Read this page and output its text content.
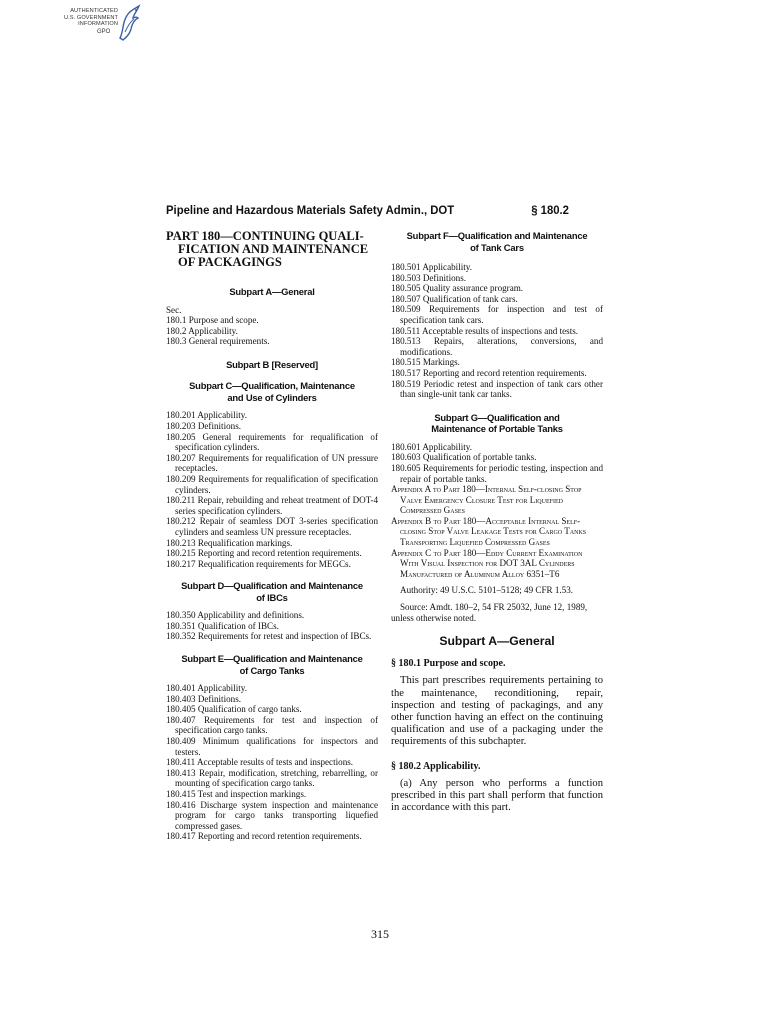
AUTHENTICATED
U.S. GOVERNMENT
INFORMATION
GPO
Pipeline and Hazardous Materials Safety Admin., DOT	§ 180.2
PART 180—CONTINUING QUALI-

FICATION AND MAINTENANCE
OF PACKAGINGS
Subpart A—General
Sec.
180.1 Purpose and scope.
180.2 Applicability.
180.3 General requirements.
Subpart B [Reserved]
Subpart C—Qualification, Maintenance
and Use of Cylinders
180.201 Applicability.
180.203 Definitions.
180.205 General requirements for requalification of specification cylinders.
180.207 Requirements for requalification of UN pressure receptacles.
180.209 Requirements for requalification of specification cylinders.
180.211 Repair, rebuilding and reheat treatment of DOT-4 series specification cylinders.
180.212 Repair of seamless DOT 3-series specification cylinders and seamless UN pressure receptacles.
180.213 Requalification markings.
180.215 Reporting and record retention requirements.
180.217 Requalification requirements for MEGCs.
Subpart D—Qualification and Maintenance
of IBCs
180.350 Applicability and definitions.
180.351 Qualification of IBCs.
180.352 Requirements for retest and inspection of IBCs.
Subpart E—Qualification and Maintenance
of Cargo Tanks
180.401 Applicability.
180.403 Definitions.
180.405 Qualification of cargo tanks.
180.407 Requirements for test and inspection of specification cargo tanks.
180.409 Minimum qualifications for inspectors and testers.
180.411 Acceptable results of tests and inspections.
180.413 Repair, modification, stretching, rebarrelling, or mounting of specification cargo tanks.
180.415 Test and inspection markings.
180.416 Discharge system inspection and maintenance program for cargo tanks transporting liquefied compressed gases.
180.417 Reporting and record retention requirements.
Subpart F—Qualification and Maintenance
of Tank Cars
180.501 Applicability.
180.503 Definitions.
180.505 Quality assurance program.
180.507 Qualification of tank cars.
180.509 Requirements for inspection and test of specification tank cars.
180.511 Acceptable results of inspections and tests.
180.513 Repairs, alterations, conversions, and modifications.
180.515 Markings.
180.517 Reporting and record retention requirements.
180.519 Periodic retest and inspection of tank cars other than single-unit tank car tanks.
Subpart G—Qualification and
Maintenance of Portable Tanks
180.601 Applicability.
180.603 Qualification of portable tanks.
180.605 Requirements for periodic testing, inspection and repair of portable tanks.
Appendix A to Part 180—Internal Self-closing Stop Valve Emergency Closure Test for Liquefied Compressed Gases
Appendix B to Part 180—Acceptable Internal Self-closing Stop Valve Leakage Tests for Cargo Tanks Transporting Liquefied Compressed Gases
Appendix C to Part 180—Eddy Current Examination With Visual Inspection for DOT 3AL Cylinders Manufactured of Aluminum Alloy 6351–T6
Authority: 49 U.S.C. 5101–5128; 49 CFR 1.53.
Source: Amdt. 180–2, 54 FR 25032, June 12, 1989, unless otherwise noted.
Subpart A—General
§ 180.1 Purpose and scope.
This part prescribes requirements pertaining to the maintenance, reconditioning, repair, inspection and testing of packagings, and any other function having an effect on the continuing qualification and use of a packaging under the requirements of this subchapter.
§ 180.2 Applicability.
(a) Any person who performs a function prescribed in this part shall perform that function in accordance with this part.
315
